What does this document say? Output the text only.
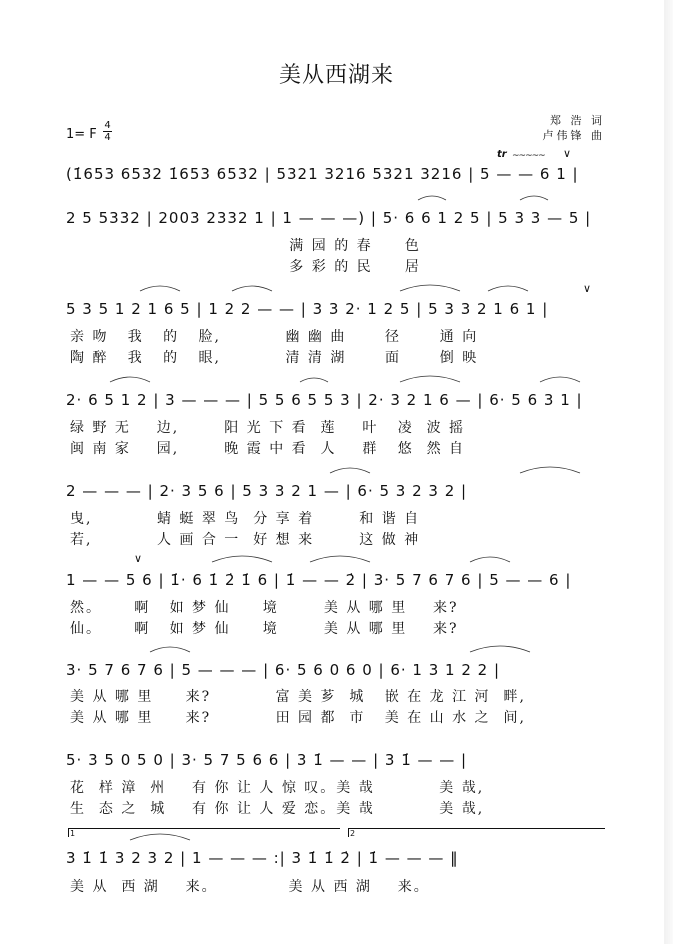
美从西湖来
郑 浩 词
卢伟锋 曲
1= F
4
4
tr ~~~~~ ∨
∨
∨
(1̇653 6532 1̇653 6532 | 5321 3216 5321 3216 | 5 — — 6 1 |
2 5 5332 | 2003 2332 1 | 1 — — —) | 5· 6 6 1 2 5 | 5 3 3 — 5 |
满 园 的 春     色
多 彩 的 民     居
5 3 5 1 2 1 6 5 | 1 2 2 — — | 3 3 2· 1 2 5 | 5 3 3 2 1 6 1 |
亲 吻   我   的   脸,          幽 幽 曲      径      通 向
陶 醉   我   的   眼,          清 清 湖      面      倒 映
2· 6 5 1 2 | 3 — — — | 5 5 6 5 5 3 | 2· 3 2 1 6 — | 6· 5 6 3 1 |
绿 野 无    边,       阳 光 下 看  莲    叶   凌  波 摇
闽 南 家    园,       晚 霞 中 看  人    群   悠  然 自
2 — — — | 2· 3 5 6 | 5 3 3 2 1 — | 6· 5 3 2 3 2 |
曳,          蜻 蜓 翠 鸟  分 享 着       和 谐 自
若,          人 画 合 一  好 想 来       这 做 神
1 — — 5 6 | 1̇· 6 1̇ 2̇ 1̇ 6 | 1̇ — — 2̇ | 3· 5 7 6 7 6 | 5 — — 6 |
然。     啊   如 梦 仙     境       美 从 哪 里    来?
仙。     啊   如 梦 仙     境       美 从 哪 里    来?
3· 5 7 6 7 6 | 5 — — — | 6· 5 6 0 6 0 | 6· 1 3 1 2 2 |
美 从 哪 里     来?          富 美 芗  城   嵌 在 龙 江 河  畔,
美 从 哪 里     来?          田 园 都  市   美 在 山 水 之  间,
5· 3 5 0 5 0 | 3· 5 7 5 6 6 | 3 1̇ — — | 3 1̇ — — |
花  样 漳  州    有 你 让 人 惊 叹。美 哉          美 哉,
生  态 之  城    有 你 让 人 爱 恋。美 哉          美 哉,
1	2
3 1̇ 1̇ 3 2 3 2 | 1 — — — :| 3 1̇ 1̇ 2̇ | 1̇ — — — ‖
美 从  西 湖    来。           美 从 西 湖    来。
